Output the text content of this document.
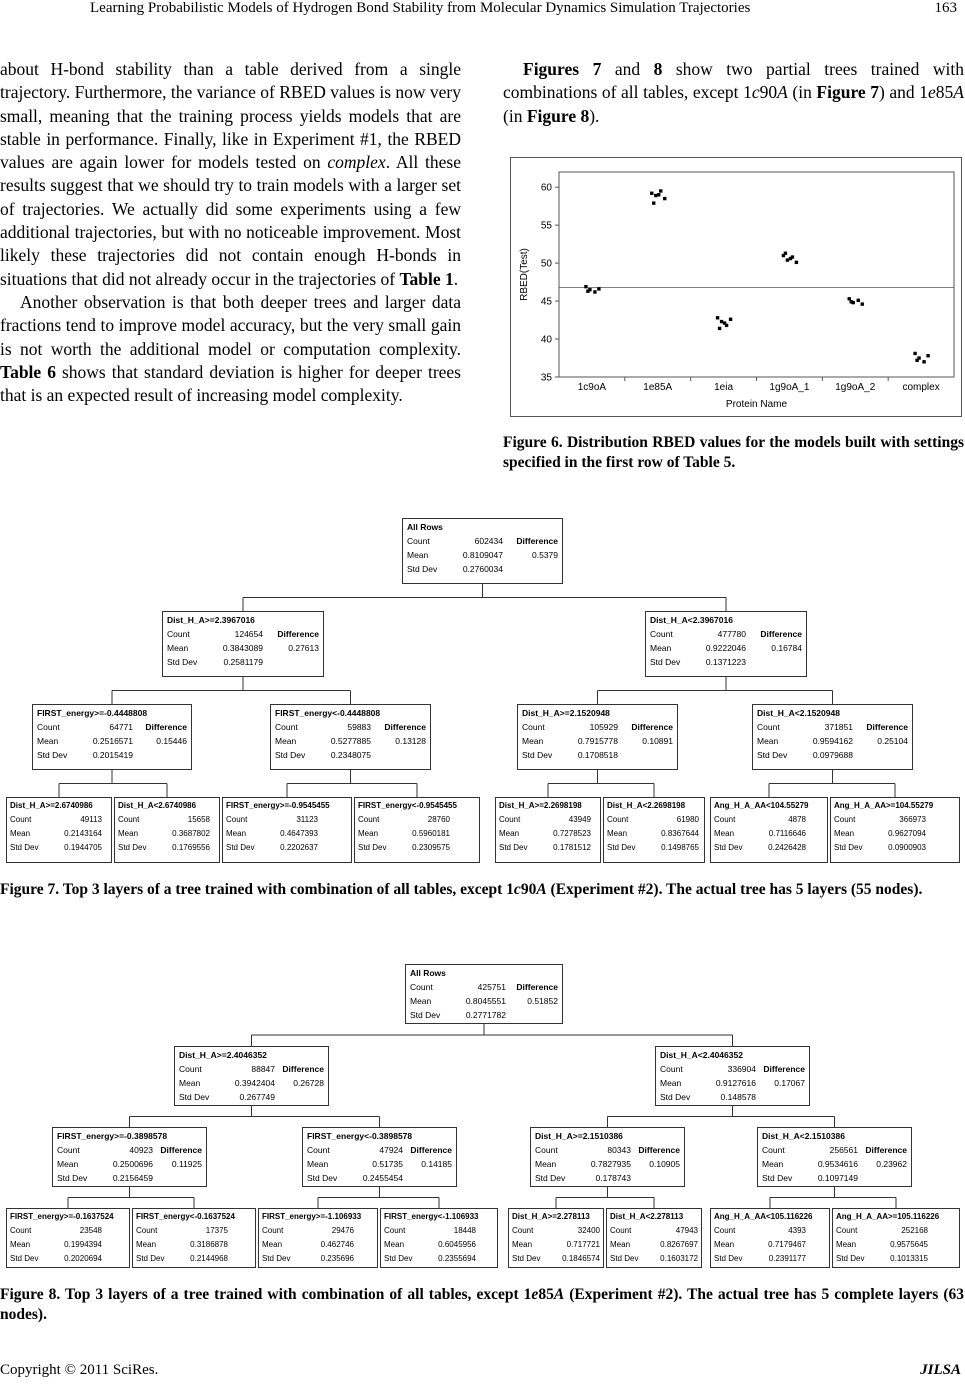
Learning Probabilistic Models of Hydrogen Bond Stability from Molecular Dynamics Simulation Trajectories	163

about H-bond stability than a table derived from a single trajectory. Furthermore, the variance of RBED values is now very small, meaning that the training process yields models that are stable in performance. Finally, like in Experiment #1, the RBED values are again lower for models tested on complex. All these results suggest that we should try to train models with a larger set of trajectories. We actually did some experiments using a few additional trajectories, but with no noticeable improvement. Most likely these trajectories did not contain enough H-bonds in situations that did not already occur in the trajectories of Table 1.

Another observation is that both deeper trees and larger data fractions tend to improve model accuracy, but the very small gain is not worth the additional model or computation complexity. Table 6 shows that standard deviation is higher for deeper trees that is an expected result of increasing model complexity.

Figures 7 and 8 show two partial trees trained with combinations of all tables, except 1c90A (in Figure 7) and 1e85A (in Figure 8).

35
40
45
50
55
60
1c9oA	1e85A	1eia	1g9oA_1	1g9oA_2	complex
Protein Name
RBED(Test)
Figure 6. Distribution RBED values for the models built with settings specified in the first row of Table 5.
All Rows
Count	602434
Mean	0.8109047
Std Dev	0.2760034
Difference
0.5379
Dist_H_A>=2.3967016
Count	124654
Mean	0.3843089
Std Dev	0.2581179
Difference
0.27613
Dist_H_A<2.3967016
Count	477780
Mean	0.9222046
Std Dev	0.1371223
Difference
0.16784
FIRST_energy>=-0.4448808
Count	64771
Mean	0.2516571
Std Dev	0.2015419
Difference
0.15446
FIRST_energy<-0.4448808
Count	59883
Mean	0.5277885
Std Dev	0.2348075
Difference
0.13128
Dist_H_A>=2.1520948
Count	105929
Mean	0.7915778
Std Dev	0.1708518
Difference
0.10891
Dist_H_A<2.1520948
Count	371851
Mean	0.9594162
Std Dev	0.0979688
Difference
0.25104
Dist_H_A>=2.6740986
Count	49113
Mean	0.2143164
Std Dev	0.1944705
Dist_H_A<2.6740986
Count	15658
Mean	0.3687802
Std Dev	0.1769556
FIRST_energy>=-0.9545455
Count	31123
Mean	0.4647393
Std Dev	0.2202637
FIRST_energy<-0.9545455
Count	28760
Mean	0.5960181
Std Dev	0.2309575
Dist_H_A>=2.2698198
Count	43949
Mean	0.7278523
Std Dev	0.1781512
Dist_H_A<2.2698198
Count	61980
Mean	0.8367644
Std Dev	0.1498765
Ang_H_A_AA<104.55279
Count	4878
Mean	0.7116646
Std Dev	0.2426428
Ang_H_A_AA>=104.55279
Count	366973
Mean	0.9627094
Std Dev	0.0900903
Figure 7. Top 3 layers of a tree trained with combination of all tables, except 1c90A (Experiment #2). The actual tree has 5 layers (55 nodes).
All Rows
Count	425751
Mean	0.8045551
Std Dev	0.2771782
Difference
0.51852
Dist_H_A>=2.4046352
Count	88847
Mean	0.3942404
Std Dev	0.267749
Difference
0.26728
Dist_H_A<2.4046352
Count	336904
Mean	0.9127616
Std Dev	0.148578
Difference
0.17067
FIRST_energy>=-0.3898578
Count	40923
Mean	0.2500696
Std Dev	0.2156459
Difference
0.11925
FIRST_energy<-0.3898578
Count	47924
Mean	0.51735
Std Dev	0.2455454
Difference
0.14185
Dist_H_A>=2.1510386
Count	80343
Mean	0.7827935
Std Dev	0.178743
Difference
0.10905
Dist_H_A<2.1510386
Count	256561
Mean	0.9534616
Std Dev	0.1097149
Difference
0.23962
FIRST_energy>=-0.1637524
Count	23548
Mean	0.1994394
Std Dev	0.2020694
FIRST_energy<-0.1637524
Count	17375
Mean	0.3186878
Std Dev	0.2144968
FIRST_energy>=-1.106933
Count	29476
Mean	0.462746
Std Dev	0.235696
FIRST_energy<-1.106933
Count	18448
Mean	0.6045956
Std Dev	0.2355694
Dist_H_A>=2.278113
Count	32400
Mean	0.717721
Std Dev	0.1846574
Dist_H_A<2.278113
Count	47943
Mean	0.8267697
Std Dev	0.1603172
Ang_H_A_AA<105.116226
Count	4393
Mean	0.7179467
Std Dev	0.2391177
Ang_H_A_AA>=105.116226
Count	252168
Mean	0.9575645
Std Dev	0.1013315
Figure 8. Top 3 layers of a tree trained with combination of all tables, except 1e85A (Experiment #2). The actual tree has 5 complete layers (63 nodes).
Copyright © 2011 SciRes.	JILSA
